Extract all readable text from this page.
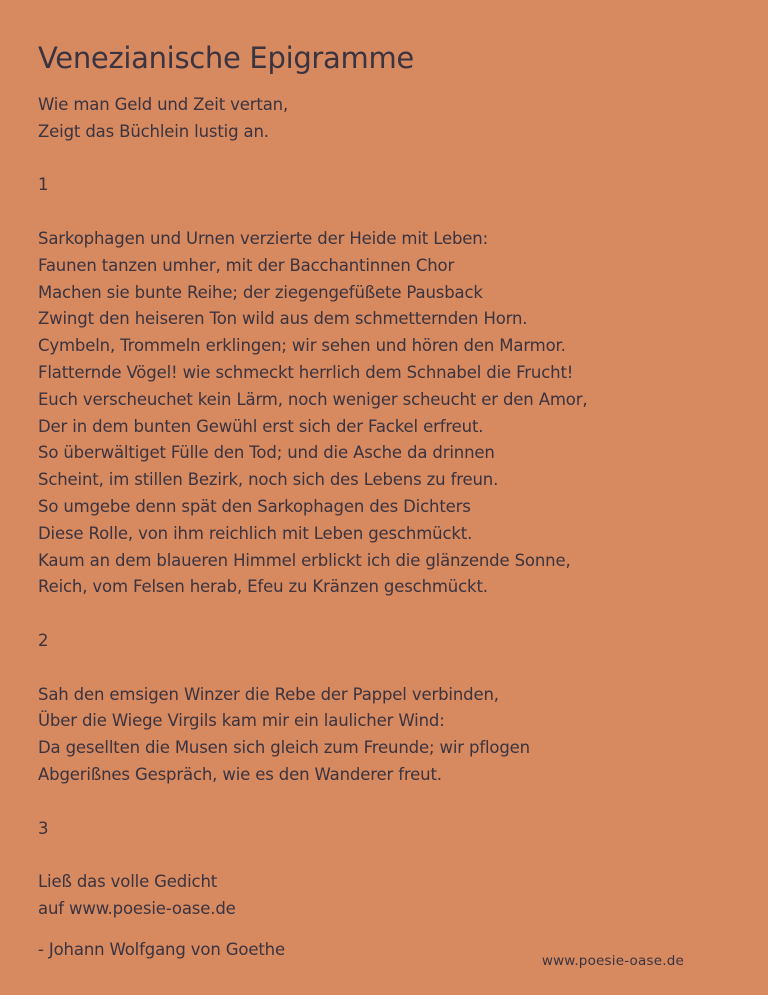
Venezianische Epigramme
Wie man Geld und Zeit vertan,
Zeigt das Büchlein lustig an.
1
Sarkophagen und Urnen verzierte der Heide mit Leben:
Faunen tanzen umher, mit der Bacchantinnen Chor
Machen sie bunte Reihe; der ziegengefüßete Pausback
Zwingt den heiseren Ton wild aus dem schmetternden Horn.
Cymbeln, Trommeln erklingen; wir sehen und hören den Marmor.
Flatternde Vögel! wie schmeckt herrlich dem Schnabel die Frucht!
Euch verscheuchet kein Lärm, noch weniger scheucht er den Amor,
Der in dem bunten Gewühl erst sich der Fackel erfreut.
So überwältiget Fülle den Tod; und die Asche da drinnen
Scheint, im stillen Bezirk, noch sich des Lebens zu freun.
So umgebe denn spät den Sarkophagen des Dichters
Diese Rolle, von ihm reichlich mit Leben geschmückt.
Kaum an dem blaueren Himmel erblickt ich die glänzende Sonne,
Reich, vom Felsen herab, Efeu zu Kränzen geschmückt.
2
Sah den emsigen Winzer die Rebe der Pappel verbinden,
Über die Wiege Virgils kam mir ein laulicher Wind:
Da gesellten die Musen sich gleich zum Freunde; wir pflogen
Abgerißnes Gespräch, wie es den Wanderer freut.
3
Ließ das volle Gedicht
auf www.poesie-oase.de
- Johann Wolfgang von Goethe
www.poesie-oase.de
